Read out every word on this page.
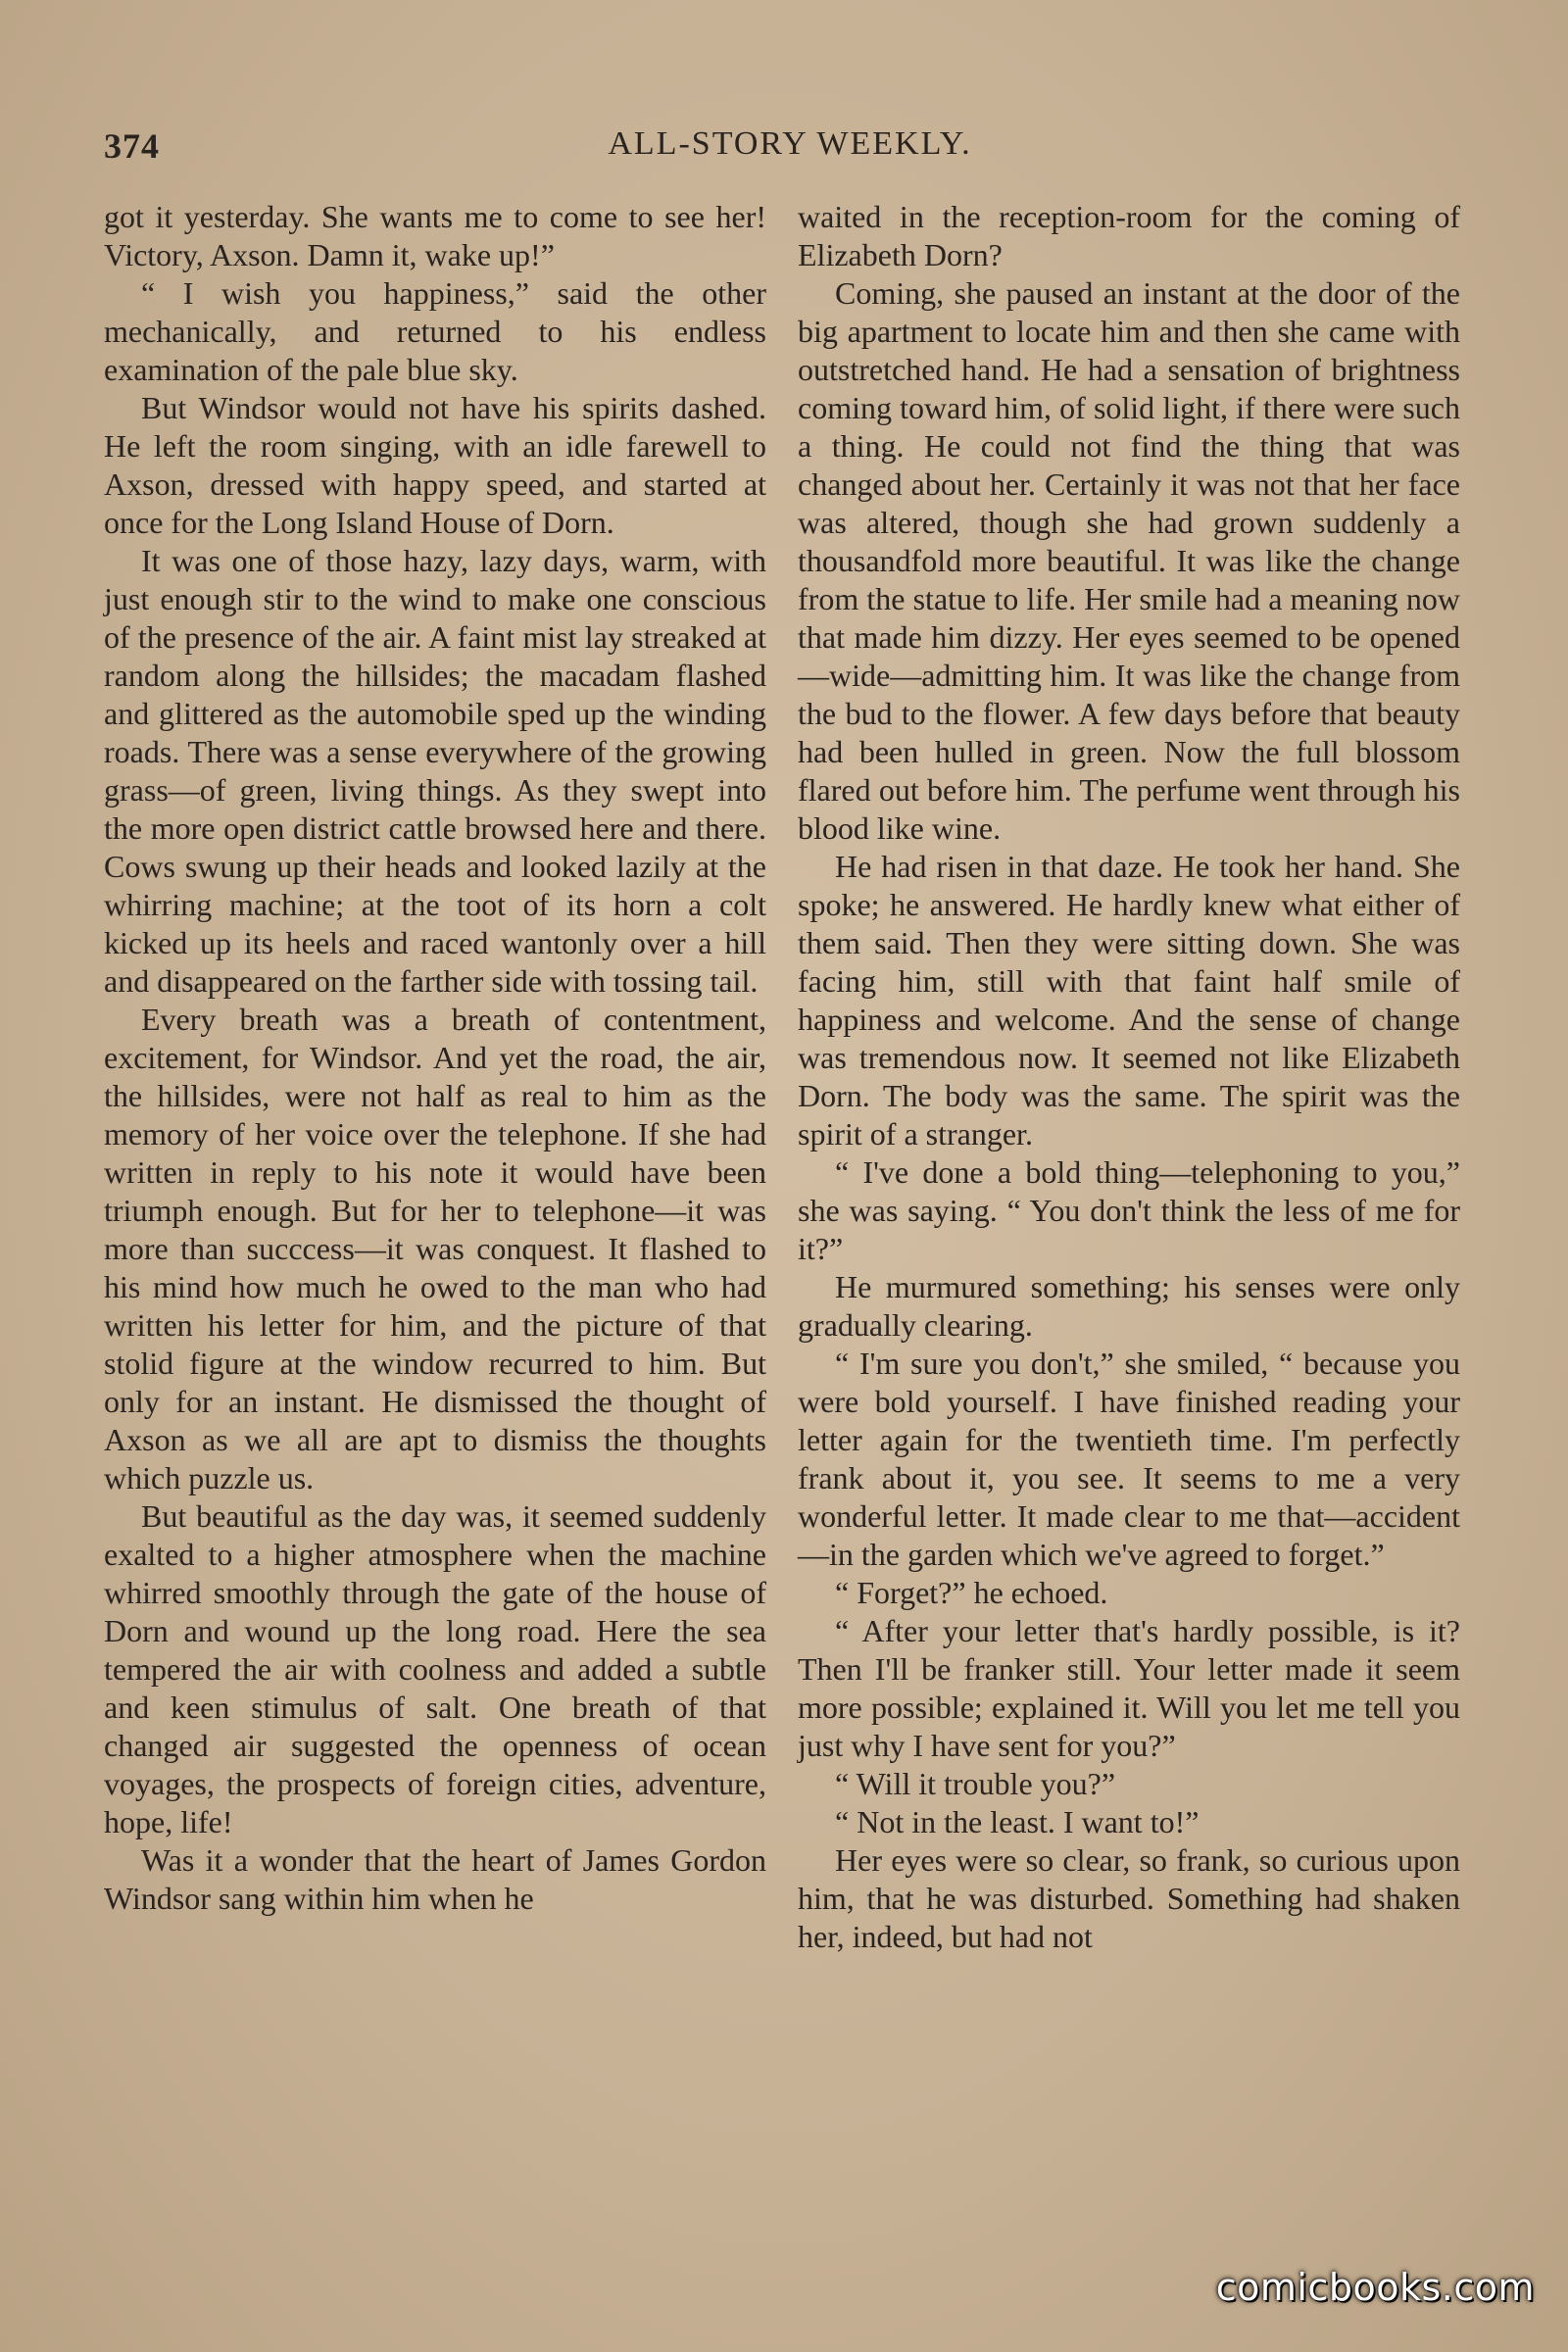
374	ALL-STORY WEEKLY.

got it yesterday. She wants me to come to see her! Victory, Axson. Damn it, wake up!”

“ I wish you happiness,” said the other mechanically, and returned to his endless examination of the pale blue sky.

But Windsor would not have his spirits dashed. He left the room singing, with an idle farewell to Axson, dressed with happy speed, and started at once for the Long Island House of Dorn.

It was one of those hazy, lazy days, warm, with just enough stir to the wind to make one conscious of the presence of the air. A faint mist lay streaked at random along the hillsides; the macadam flashed and glittered as the automobile sped up the winding roads. There was a sense everywhere of the growing grass—of green, living things. As they swept into the more open district cattle browsed here and there. Cows swung up their heads and looked lazily at the whirring machine; at the toot of its horn a colt kicked up its heels and raced wantonly over a hill and disappeared on the farther side with tossing tail.

Every breath was a breath of contentment, excitement, for Windsor. And yet the road, the air, the hillsides, were not half as real to him as the memory of her voice over the telephone. If she had written in reply to his note it would have been triumph enough. But for her to telephone—it was more than succcess—it was conquest. It flashed to his mind how much he owed to the man who had written his letter for him, and the picture of that stolid figure at the window recurred to him. But only for an instant. He dismissed the thought of Axson as we all are apt to dismiss the thoughts which puzzle us.

But beautiful as the day was, it seemed suddenly exalted to a higher atmosphere when the machine whirred smoothly through the gate of the house of Dorn and wound up the long road. Here the sea tempered the air with coolness and added a subtle and keen stimulus of salt. One breath of that changed air suggested the openness of ocean voyages, the prospects of foreign cities, adventure, hope, life!

Was it a wonder that the heart of James Gordon Windsor sang within him when he

waited in the reception-room for the coming of Elizabeth Dorn?

Coming, she paused an instant at the door of the big apartment to locate him and then she came with outstretched hand. He had a sensation of brightness coming toward him, of solid light, if there were such a thing. He could not find the thing that was changed about her. Certainly it was not that her face was altered, though she had grown suddenly a thousandfold more beautiful. It was like the change from the statue to life. Her smile had a meaning now that made him dizzy. Her eyes seemed to be opened—wide—admitting him. It was like the change from the bud to the flower. A few days before that beauty had been hulled in green. Now the full blossom flared out before him. The perfume went through his blood like wine.

He had risen in that daze. He took her hand. She spoke; he answered. He hardly knew what either of them said. Then they were sitting down. She was facing him, still with that faint half smile of happiness and welcome. And the sense of change was tremendous now. It seemed not like Elizabeth Dorn. The body was the same. The spirit was the spirit of a stranger.

“ I've done a bold thing—telephoning to you,” she was saying. “ You don't think the less of me for it?”

He murmured something; his senses were only gradually clearing.

“ I'm sure you don't,” she smiled, “ because you were bold yourself. I have finished reading your letter again for the twentieth time. I'm perfectly frank about it, you see. It seems to me a very wonderful letter. It made clear to me that—accident—in the garden which we've agreed to forget.”

“ Forget?” he echoed.

“ After your letter that's hardly possible, is it? Then I'll be franker still. Your letter made it seem more possible; explained it. Will you let me tell you just why I have sent for you?”

“ Will it trouble you?”

“ Not in the least. I want to!”

Her eyes were so clear, so frank, so curious upon him, that he was disturbed. Something had shaken her, indeed, but had not

comicbooks.com
